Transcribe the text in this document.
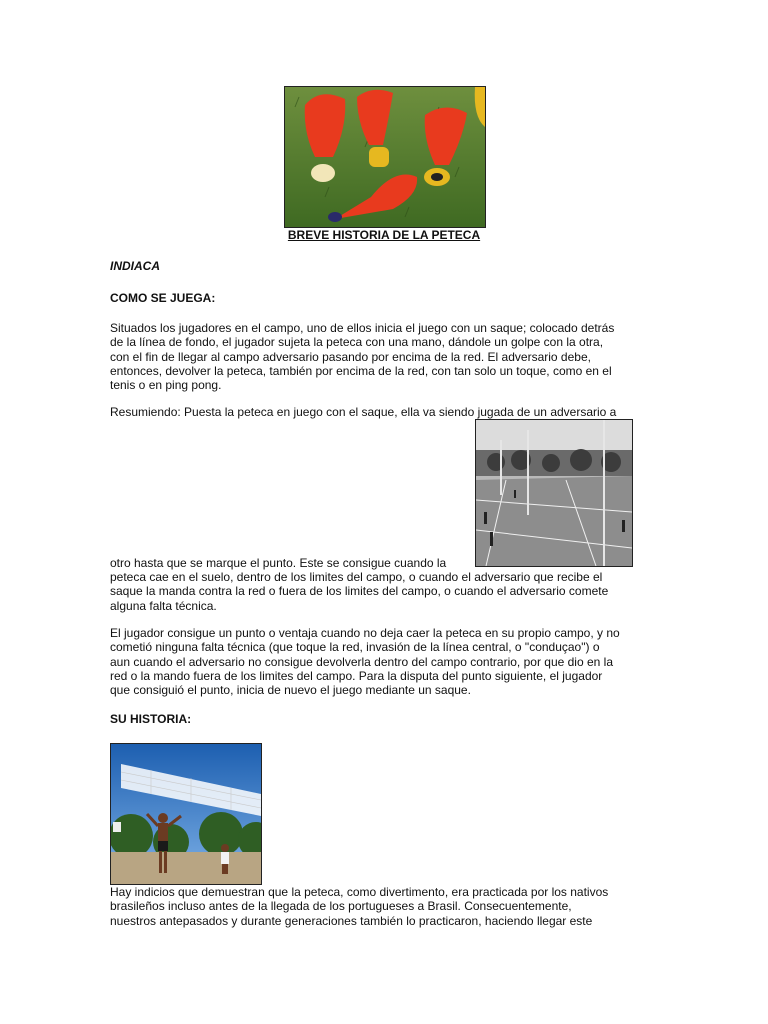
BREVE HISTORIA DE LA PETECA
INDIACA
COMO SE JUEGA:
Situados los jugadores en el campo, uno de ellos inicia el juego con un saque; colocado detrás
de la línea de fondo, el jugador sujeta la peteca con una mano, dándole un golpe con la otra,
con el fin de llegar al campo adversario pasando por encima de la red. El adversario debe,
entonces, devolver la peteca, también por encima de la red, con tan solo un toque, como en el
tenis o en ping pong.
Resumiendo: Puesta la peteca en juego con el saque, ella va siendo jugada de un adversario a
otro hasta que se marque el punto. Este se consigue cuando la
peteca cae en el suelo, dentro de los limites del campo, o cuando el adversario que recibe el
saque la manda contra la red o fuera de los limites del campo, o cuando el adversario comete
alguna falta técnica.
El jugador consigue un punto o ventaja cuando no deja caer la peteca en su propio campo, y no
cometió ninguna falta técnica (que toque la red, invasión de la línea central, o "conduçao") o
aun cuando el adversario no consigue devolverla dentro del campo contrario, por que dio en la
red o la mando fuera de los limites del campo. Para la disputa del punto siguiente, el jugador
que consiguió el punto, inicia de nuevo el juego mediante un saque.
SU HISTORIA:
Hay indicios que demuestran que la peteca, como divertimento, era practicada por los nativos
brasileños incluso antes de la llegada de los portugueses a Brasil. Consecuentemente,
nuestros antepasados y durante generaciones también lo practicaron, haciendo llegar este
